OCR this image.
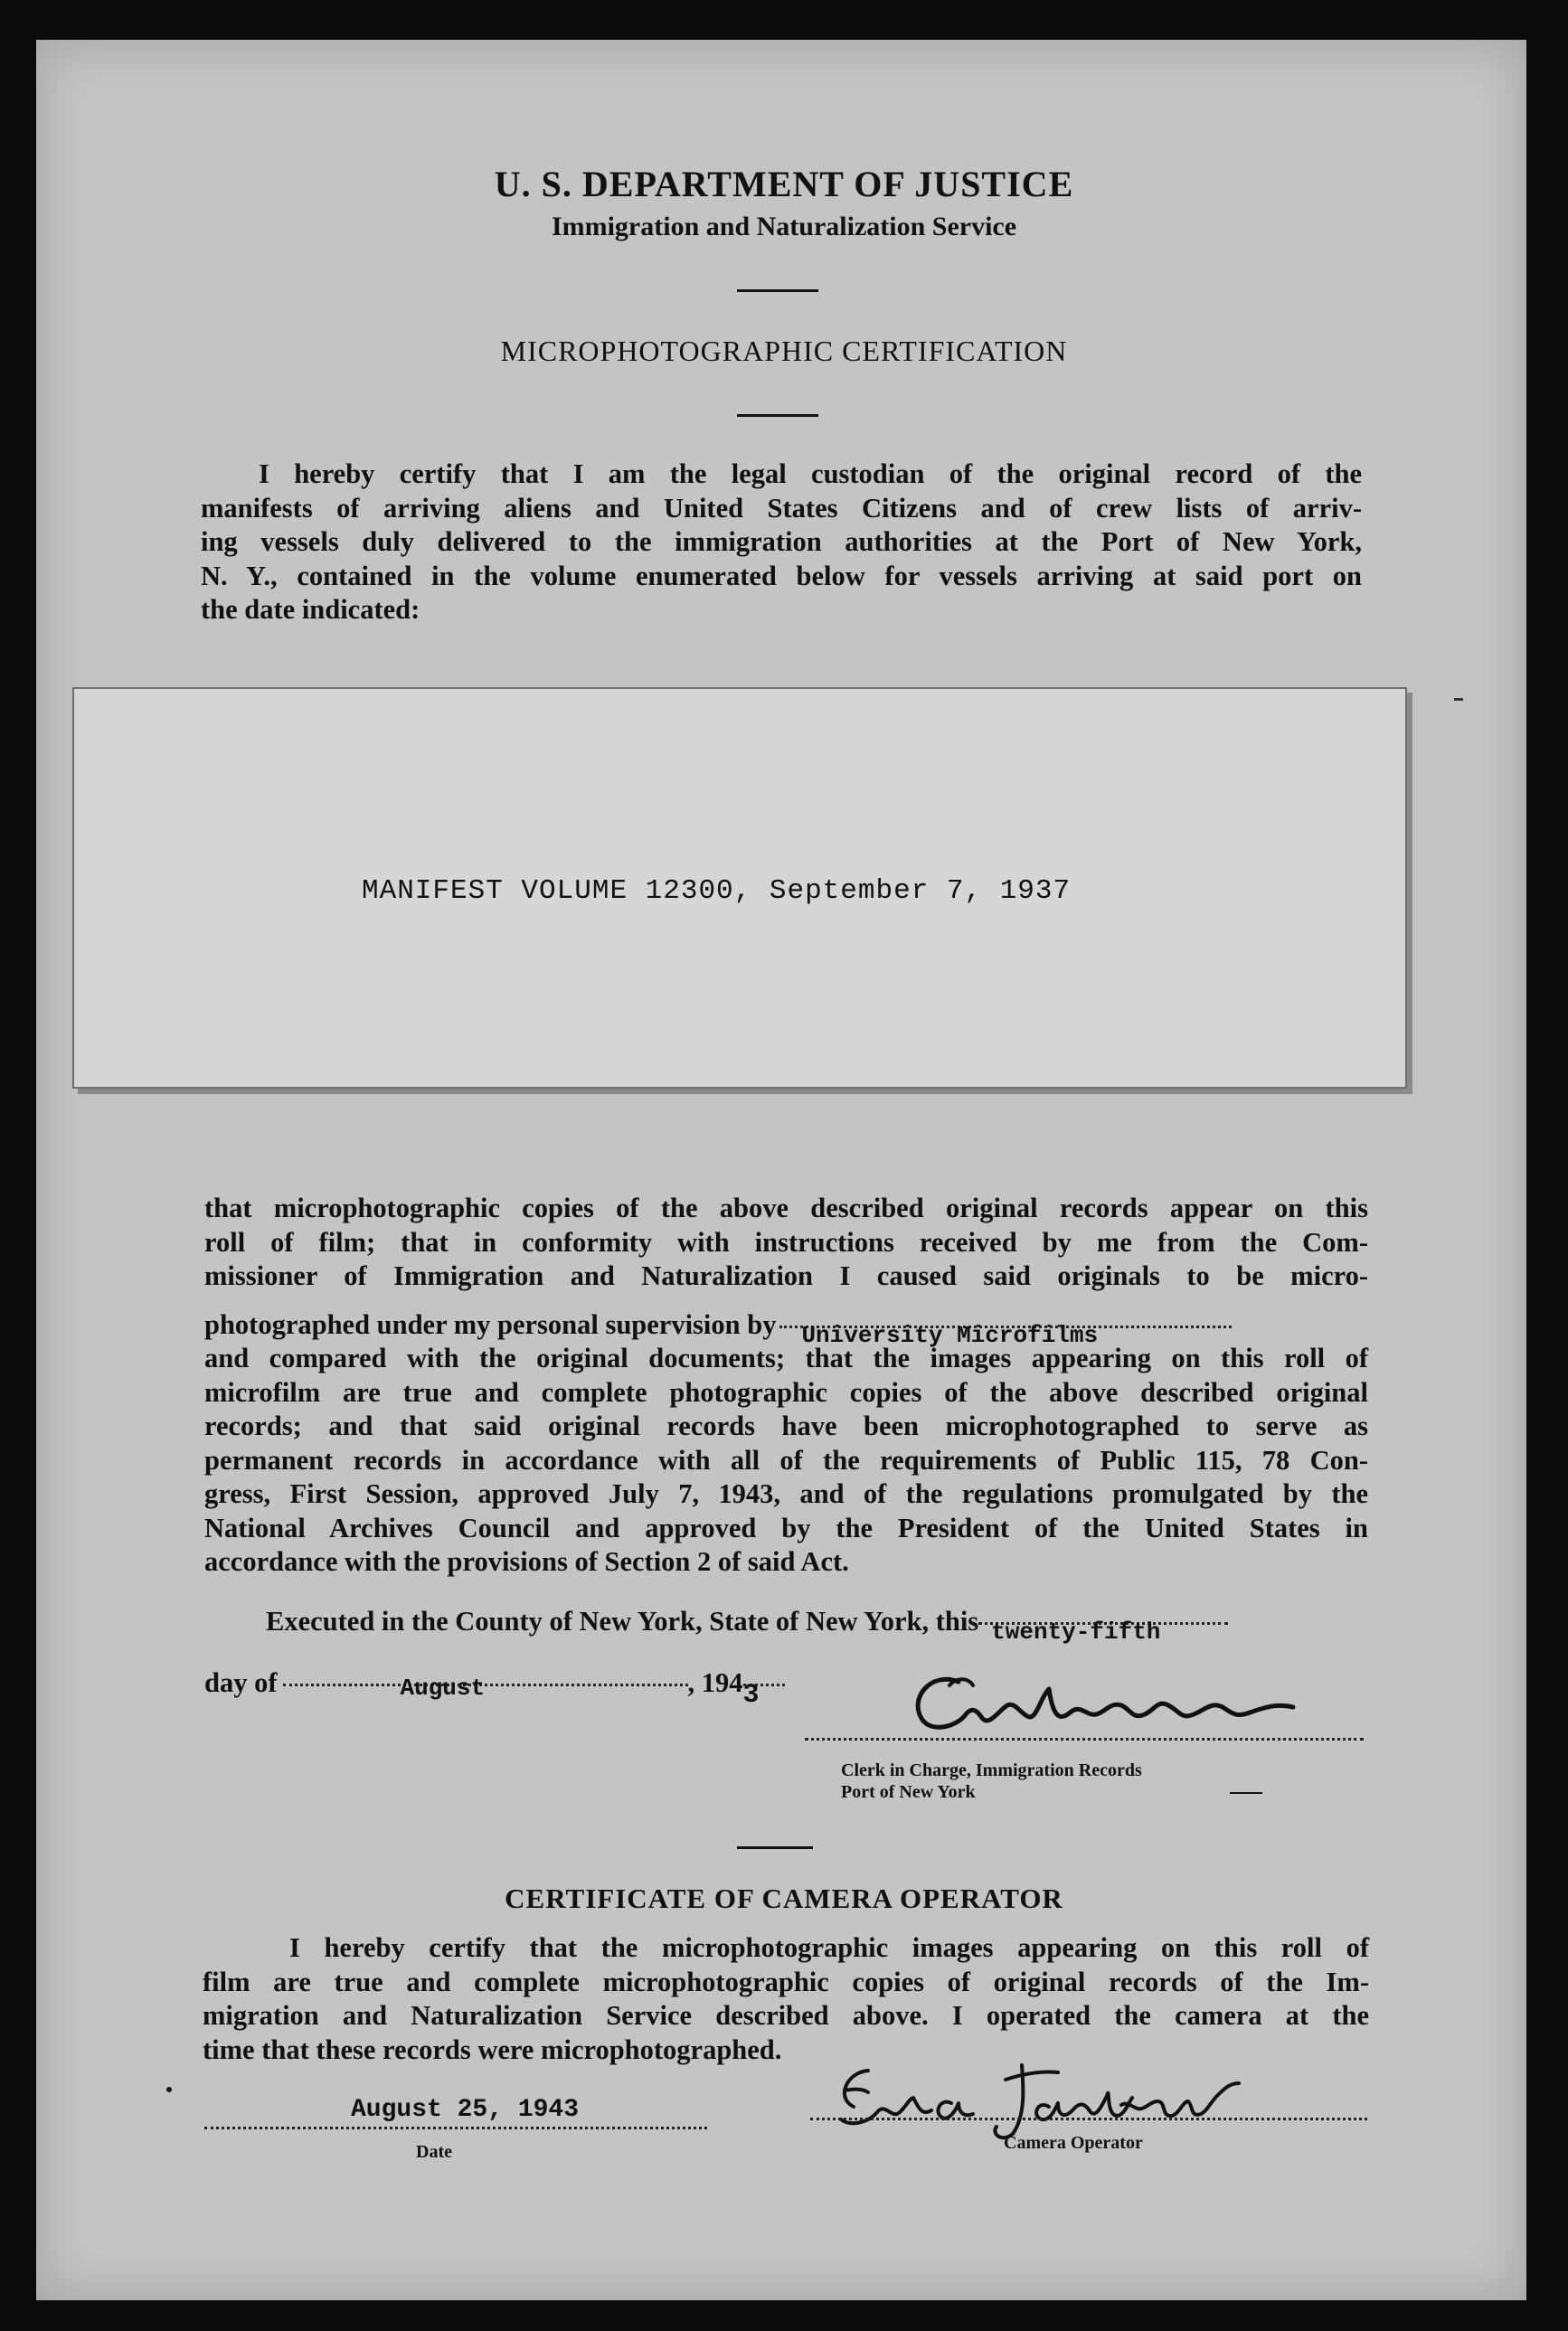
U. S. DEPARTMENT OF JUSTICE
Immigration and Naturalization Service
MICROPHOTOGRAPHIC CERTIFICATION
I hereby certify that I am the legal custodian of the original record of the
manifests of arriving aliens and United States Citizens and of crew lists of arriv-
ing vessels duly delivered to the immigration authorities at the Port of New York,
N. Y., contained in the volume enumerated below for vessels arriving at said port on
the date indicated:
MANIFEST VOLUME 12300, September 7, 1937
that microphotographic copies of the above described original records appear on this
roll of film; that in conformity with instructions received by me from the Com-
missioner of Immigration and Naturalization I caused said originals to be micro-
photographed under my personal supervision by University Microfilms
and compared with the original documents; that the images appearing on this roll of
microfilm are true and complete photographic copies of the above described original
records; and that said original records have been microphotographed to serve as
permanent records in accordance with all of the requirements of Public 115, 78 Con-
gress, First Session, approved July 7, 1943, and of the regulations promulgated by the
National Archives Council and approved by the President of the United States in
accordance with the provisions of Section 2 of said Act.
Executed in the County of New York, State of New York, this twenty-fifth
day of	August	, 194 3
Clerk in Charge, Immigration Records
Port of New York
CERTIFICATE OF CAMERA OPERATOR
I hereby certify that the microphotographic images appearing on this roll of
film are true and complete microphotographic copies of original records of the Im-
migration and Naturalization Service described above. I operated the camera at the
time that these records were microphotographed.
August 25, 1943
Date
Eva Jackson
Camera Operator
